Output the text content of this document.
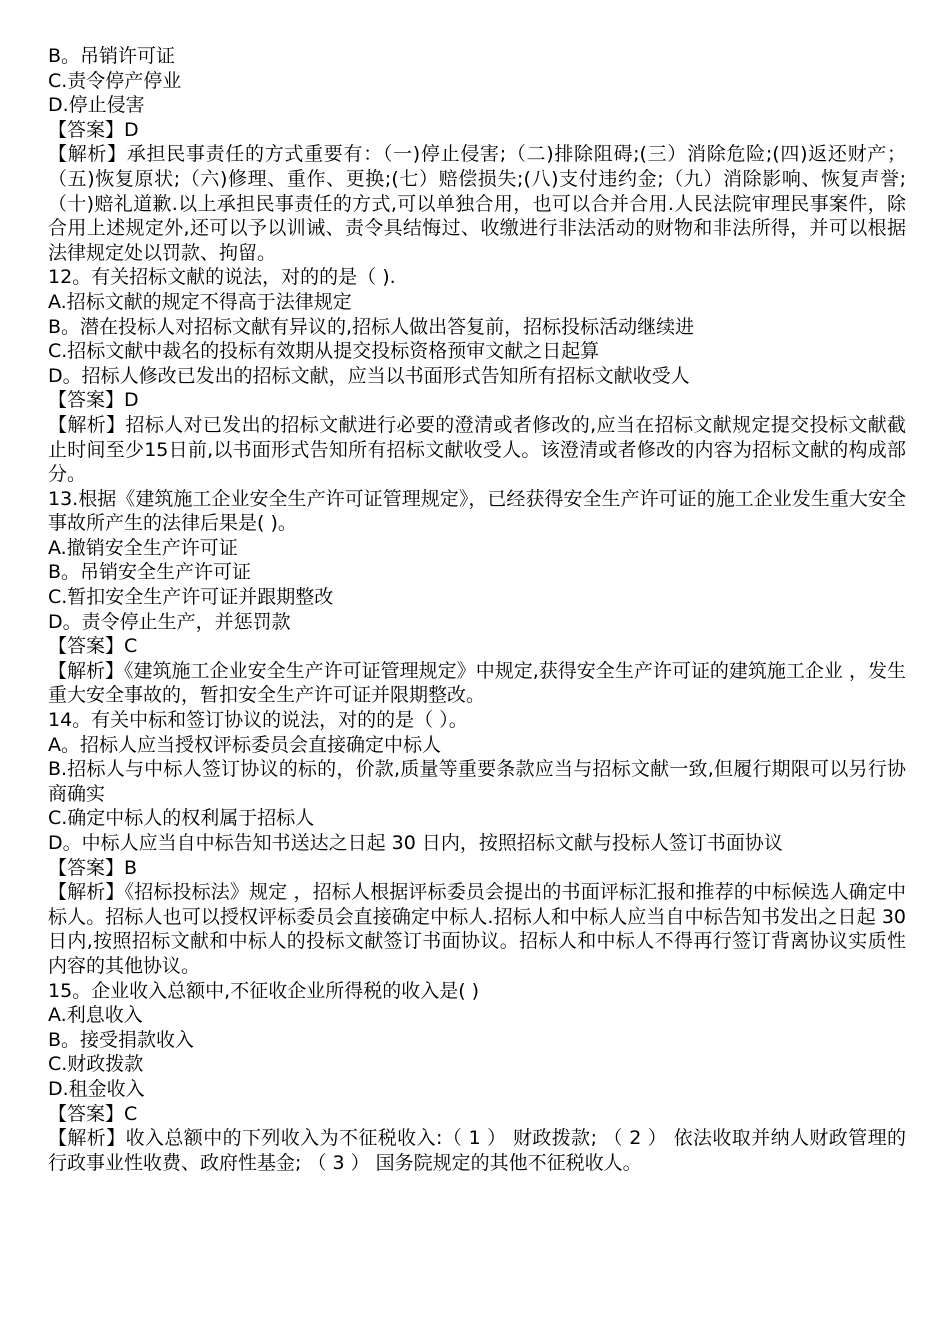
B。吊销许可证

C.责令停产停业

D.停止侵害

【答案】D

【解析】承担民事责任的方式重要有：（一)停止侵害;（二)排除阻碍;(三）消除危险;(四)返还财产；（五)恢复原状;（六)修理、重作、更换;(七）赔偿损失;(八)支付违约金;（九）消除影响、恢复声誉;（十)赔礼道歉.以上承担民事责任的方式,可以单独合用，也可以合并合用.人民法院审理民事案件，除合用上述规定外,还可以予以训诫、责令具结悔过、收缴进行非法活动的财物和非法所得，并可以根据法律规定处以罚款、拘留。

12。有关招标文献的说法，对的的是（ ).

A.招标文献的规定不得高于法律规定

B。潜在投标人对招标文献有异议的,招标人做出答复前，招标投标活动继续进

C.招标文献中裁名的投标有效期从提交投标资格预审文献之日起算

D。招标人修改已发出的招标文献，应当以书面形式告知所有招标文献收受人

【答案】D

【解析】招标人对已发出的招标文献进行必要的澄清或者修改的,应当在招标文献规定提交投标文献截止时间至少15日前,以书面形式告知所有招标文献收受人。该澄清或者修改的内容为招标文献的构成部分。

13.根据《建筑施工企业安全生产许可证管理规定》，已经获得安全生产许可证的施工企业发生重大安全事故所产生的法律后果是( )。

A.撤销安全生产许可证

B。吊销安全生产许可证

C.暂扣安全生产许可证并跟期整改

D。责令停止生产，并惩罚款

【答案】C

【解析】《建筑施工企业安全生产许可证管理规定》中规定,获得安全生产许可证的建筑施工企业 ，发生重大安全事故的，暂扣安全生产许可证并限期整改。

14。有关中标和签订协议的说法，对的的是（ ）。

A。招标人应当授权评标委员会直接确定中标人

B.招标人与中标人签订协议的标的，价款,质量等重要条款应当与招标文献一致,但履行期限可以另行协商确实

C.确定中标人的权利属于招标人

D。中标人应当自中标告知书送达之日起 30 日内，按照招标文献与投标人签订书面协议

【答案】B

【解析】《招标投标法》规定 ，招标人根据评标委员会提出的书面评标汇报和推荐的中标候选人确定中标人。招标人也可以授权评标委员会直接确定中标人.招标人和中标人应当自中标告知书发出之日起 30 日内,按照招标文献和中标人的投标文献签订书面协议。招标人和中标人不得再行签订背离协议实质性内容的其他协议。

15。企业收入总额中,不征收企业所得税的收入是( )

A.利息收入

B。接受捐款收入

C.财政拨款

D.租金收入

【答案】C

【解析】收入总额中的下列收入为不征税收入:（ 1 ） 财政拨款; （ 2 ） 依法收取并纳人财政管理的行政事业性收费、政府性基金; （ 3 ） 国务院规定的其他不征税收人。
